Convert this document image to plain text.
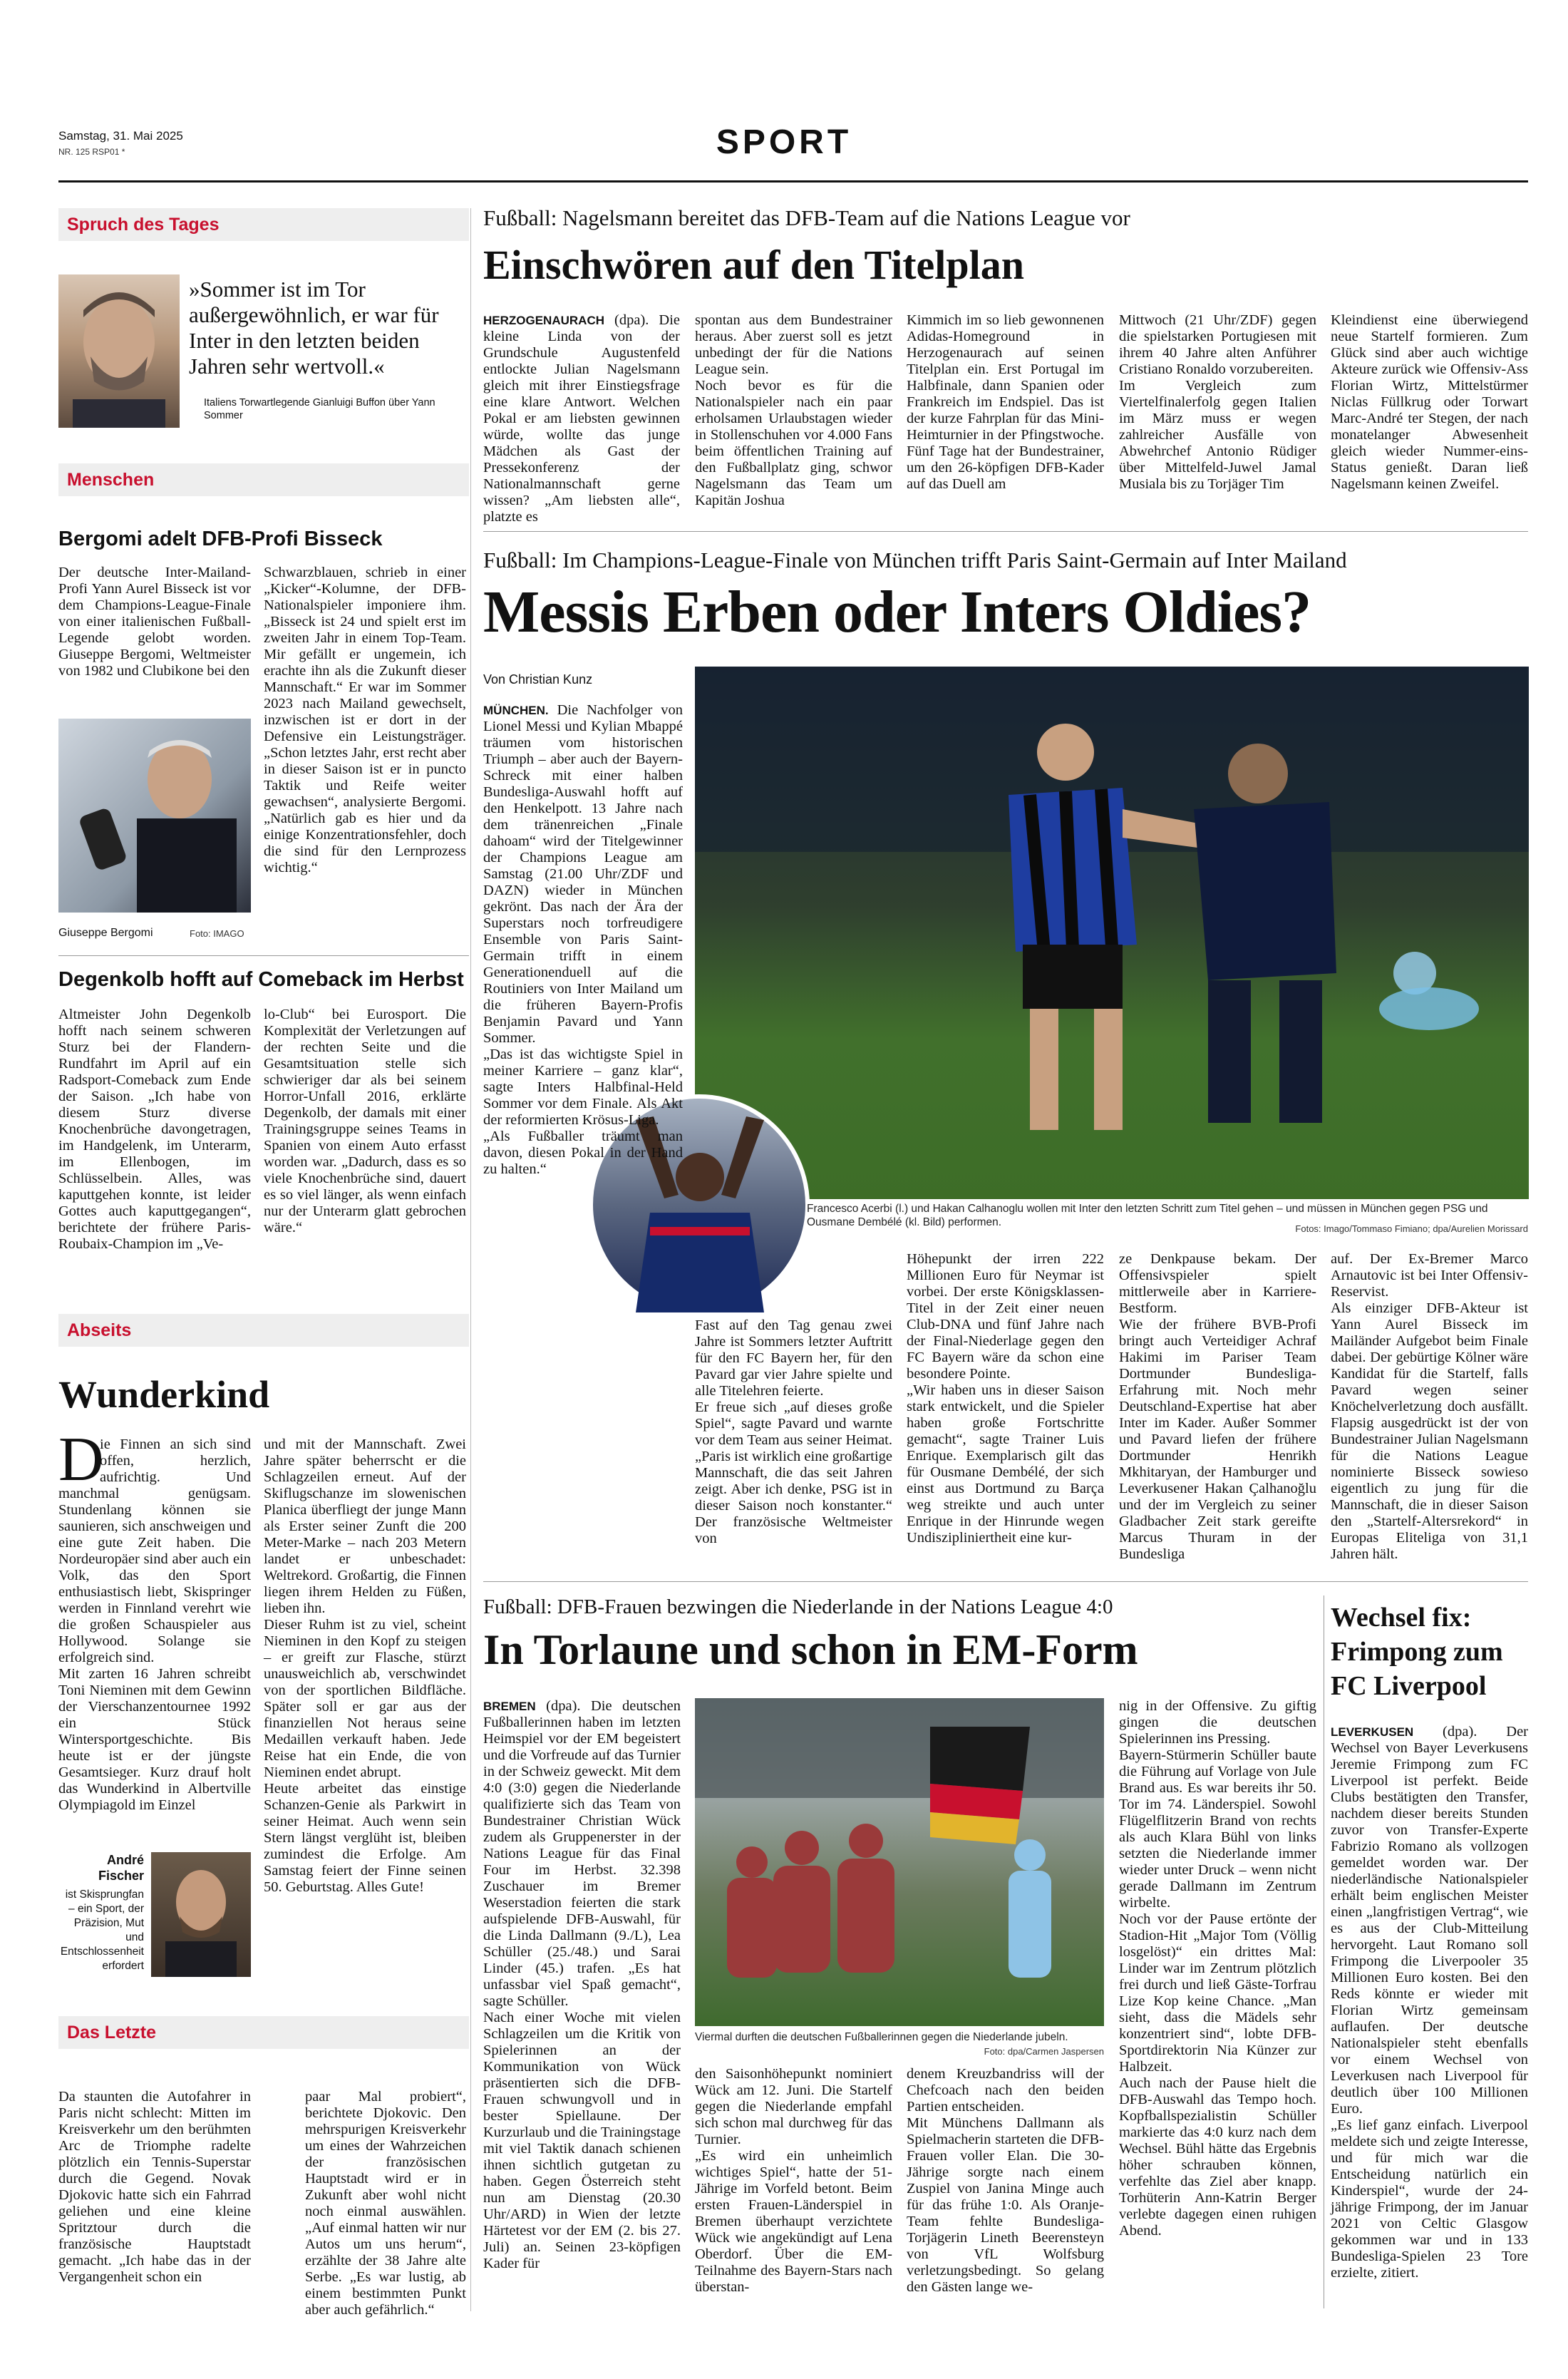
Samstag, 31. Mai 2025
NR. 125 RSP01 *	SPORT
Spruch des Tages
»Sommer ist im Tor außergewöhnlich, er war für Inter in den letzten beiden Jahren sehr wertvoll.«
Italiens Torwartlegende Gianluigi Buffon über Yann Sommer
Menschen
Bergomi adelt DFB-Profi Bisseck
Der deutsche Inter-Mailand-Profi Yann Aurel Bisseck ist vor dem Champions-League-Finale von einer italienischen Fußball-Legende gelobt worden. Giuseppe Bergomi, Weltmeister von 1982 und Clubikone bei den
Schwarzblauen, schrieb in einer „Kicker“-Kolumne, der DFB-Nationalspieler imponiere ihm. „Bisseck ist 24 und spielt erst im zweiten Jahr in einem Top-Team. Mir gefällt er ungemein, ich erachte ihn als die Zukunft dieser Mannschaft.“ Er war im Sommer 2023 nach Mailand gewechselt, inzwischen ist er dort in der Defensive ein Leistungsträger. „Schon letztes Jahr, erst recht aber in dieser Saison ist er in puncto Taktik und Reife weiter gewachsen“, analysierte Bergomi. „Natürlich gab es hier und da einige Konzentrationsfehler, doch die sind für den Lernprozess wichtig.“
Giuseppe Bergomi	Foto: IMAGO
Degenkolb hofft auf Comeback im Herbst
Altmeister John Degenkolb hofft nach seinem schweren Sturz bei der Flandern-Rundfahrt im April auf ein Radsport-Comeback zum Ende der Saison. „Ich habe von diesem Sturz diverse Knochenbrüche davongetragen, im Handgelenk, im Unterarm, im Ellenbogen, im Schlüsselbein. Alles, was kaputtgehen konnte, ist leider Gottes auch kaputtgegangen“, berichtete der frühere Paris-Roubaix-Champion im „Ve-
lo-Club“ bei Eurosport. Die Komplexität der Verletzungen auf der rechten Seite und die Gesamtsituation stelle sich schwieriger dar als bei seinem Horror-Unfall 2016, erklärte Degenkolb, der damals mit einer Trainingsgruppe seines Teams in Spanien von einem Auto erfasst worden war. „Dadurch, dass es so viele Knochenbrüche sind, dauert es so viel länger, als wenn einfach nur der Unterarm glatt gebrochen wäre.“
Abseits
Wunderkind
D
ie Finnen an sich sind offen, herzlich, aufrichtig. Und manchmal genügsam. Stundenlang können sie saunieren, sich anschweigen und eine gute Zeit haben. Die Nordeuropäer sind aber auch ein Volk, das den Sport enthusiastisch liebt, Skispringer werden in Finnland verehrt wie die großen Schauspieler aus Hollywood. Solange sie erfolgreich sind.
Mit zarten 16 Jahren schreibt Toni Nieminen mit dem Gewinn der Vierschanzentournee 1992 ein Stück Wintersportgeschichte. Bis heute ist er der jüngste Gesamtsieger. Kurz drauf holt das Wunderkind in Albertville Olympiagold im Einzel
und mit der Mannschaft. Zwei Jahre später beherrscht er die Schlagzeilen erneut. Auf der Skiflugschanze im slowenischen Planica überfliegt der junge Mann als Erster seiner Zunft die 200 Meter-Marke – nach 203 Metern landet er unbeschadet: Weltrekord. Großartig, die Finnen liegen ihrem Helden zu Füßen, lieben ihn.
Dieser Ruhm ist zu viel, scheint Nieminen in den Kopf zu steigen – er greift zur Flasche, stürzt unausweichlich ab, verschwindet von der sportlichen Bildfläche. Später soll er gar aus der finanziellen Not heraus seine Medaillen verkauft haben. Jede Reise hat ein Ende, die von Nieminen endet abrupt.
Heute arbeitet das einstige Schanzen-Genie als Parkwirt in seiner Heimat. Auch wenn sein Stern längst verglüht ist, bleiben zumindest die Erfolge. Am Samstag feiert der Finne seinen 50. Geburtstag. Alles Gute!
André Fischer
ist Skisprungfan – ein Sport, der Präzision, Mut und Entschlossenheit erfordert
Das Letzte
Da staunten die Autofahrer in Paris nicht schlecht: Mitten im Kreisverkehr um den berühmten Arc de Triomphe radelte plötzlich ein Tennis-Superstar durch die Gegend. Novak Djokovic hatte sich ein Fahrrad geliehen und eine kleine Spritztour durch die französische Hauptstadt gemacht. „Ich habe das in der Vergangenheit schon ein
paar Mal probiert“, berichtete Djokovic. Den mehrspurigen Kreisverkehr um eines der Wahrzeichen der französischen Hauptstadt wird er in Zukunft aber wohl nicht noch einmal auswählen. „Auf einmal hatten wir nur Autos um uns herum“, erzählte der 38 Jahre alte Serbe. „Es war lustig, ab einem bestimmten Punkt aber auch gefährlich.“
Fußball: Nagelsmann bereitet das DFB-Team auf die Nations League vor
Einschwören auf den Titelplan
HERZOGENAURACH (dpa). Die kleine Linda von der Grundschule Augustenfeld entlockte Julian Nagelsmann gleich mit ihrer Einstiegsfrage eine klare Antwort. Welchen Pokal er am liebsten gewinnen würde, wollte das junge Mädchen als Gast der Pressekonferenz der Nationalmannschaft gerne wissen? „Am liebsten alle“, platzte es
spontan aus dem Bundestrainer heraus. Aber zuerst soll es jetzt unbedingt der für die Nations League sein.
Noch bevor es für die Nationalspieler nach ein paar erholsamen Urlaubstagen wieder in Stollenschuhen vor 4.000 Fans beim öffentlichen Training auf den Fußballplatz ging, schwor Nagelsmann das Team um Kapitän Joshua
Kimmich im so lieb gewonnenen Adidas-Homeground in Herzogenaurach auf seinen Titelplan ein. Erst Portugal im Halbfinale, dann Spanien oder Frankreich im Endspiel. Das ist der kurze Fahrplan für das Mini-Heimturnier in der Pfingstwoche. Fünf Tage hat der Bundestrainer, um den 26-köpfigen DFB-Kader auf das Duell am
Mittwoch (21 Uhr/ZDF) gegen die spielstarken Portugiesen mit ihrem 40 Jahre alten Anführer Cristiano Ronaldo vorzubereiten.
Im Vergleich zum Viertelfinalerfolg gegen Italien im März muss er wegen zahlreicher Ausfälle von Abwehrchef Antonio Rüdiger über Mittelfeld-Juwel Jamal Musiala bis zu Torjäger Tim
Kleindienst eine überwiegend neue Startelf formieren. Zum Glück sind aber auch wichtige Akteure zurück wie Offensiv-Ass Florian Wirtz, Mittelstürmer Niclas Füllkrug oder Torwart Marc-André ter Stegen, der nach monatelanger Abwesenheit gleich wieder Nummer-eins-Status genießt. Daran ließ Nagelsmann keinen Zweifel.
Fußball: Im Champions-League-Finale von München trifft Paris Saint-Germain auf Inter Mailand
Messis Erben oder Inters Oldies?
Von Christian Kunz
MÜNCHEN. Die Nachfolger von Lionel Messi und Kylian Mbappé träumen vom historischen Triumph – aber auch der Bayern-Schreck mit einer halben Bundesliga-Auswahl hofft auf den Henkelpott. 13 Jahre nach dem tränenreichen „Finale dahoam“ wird der Titelgewinner der Champions League am Samstag (21.00 Uhr/ZDF und DAZN) wieder in München gekrönt. Das nach der Ära der Superstars noch torfreudigere Ensemble von Paris Saint-Germain trifft in einem Generationenduell auf die Routiniers von Inter Mailand um die früheren Bayern-Profis Benjamin Pavard und Yann Sommer.
„Das ist das wichtigste Spiel in meiner Karriere – ganz klar“, sagte Inters Halbfinal-Held Sommer vor dem Finale. Als Akt der reformierten Krösus-Liga.
„Als Fußballer träumt man davon, diesen Pokal in der Hand zu halten.“
Fast auf den Tag genau zwei Jahre ist Sommers letzter Auftritt für den FC Bayern her, für den Pavard gar vier Jahre spielte und alle Titelehren feierte.
Er freue sich „auf dieses große Spiel“, sagte Pavard und warnte vor dem Team aus seiner Heimat. „Paris ist wirklich eine großartige Mannschaft, die das seit Jahren zeigt. Aber ich denke, PSG ist in dieser Saison noch konstanter.“ Der französische Weltmeister von
Höhepunkt der irren 222 Millionen Euro für Neymar ist vorbei. Der erste Königsklassen-Titel in der Zeit einer neuen Club-DNA und fünf Jahre nach der Final-Niederlage gegen den FC Bayern wäre da schon eine besondere Pointe.
„Wir haben uns in dieser Saison stark entwickelt, und die Spieler haben große Fortschritte gemacht“, sagte Trainer Luis Enrique. Exemplarisch gilt das für Ousmane Dembélé, der sich einst aus Dortmund zu Barça weg streikte und auch unter Enrique in der Hinrunde wegen Undiszipliniertheit eine kur-
ze Denkpause bekam. Der Offensivspieler spielt mittlerweile aber in Karriere-Bestform.
Wie der frühere BVB-Profi bringt auch Verteidiger Achraf Hakimi im Pariser Team Dortmunder Bundesliga-Erfahrung mit. Noch mehr Deutschland-Expertise hat aber Inter im Kader. Außer Sommer und Pavard liefen der frühere Dortmunder Henrikh Mkhitaryan, der Hamburger und Leverkusener Hakan Çalhanoğlu und der im Vergleich zu seiner Gladbacher Zeit stark gereifte Marcus Thuram in der Bundesliga
auf. Der Ex-Bremer Marco Arnautovic ist bei Inter Offensiv-Reservist.
Als einziger DFB-Akteur ist Yann Aurel Bisseck im Mailänder Aufgebot beim Finale dabei. Der gebürtige Kölner wäre Kandidat für die Startelf, falls Pavard wegen seiner Knöchelverletzung doch ausfällt. Flapsig ausgedrückt ist der von Bundestrainer Julian Nagelsmann für die Nations League nominierte Bisseck sowieso eigentlich zu jung für die Mannschaft, die in dieser Saison den „Startelf-Altersrekord“ in Europas Eliteliga von 31,1 Jahren hält.
Francesco Acerbi (l.) und Hakan Calhanoglu wollen mit Inter den letzten Schritt zum Titel gehen – und müssen in München gegen PSG und Ousmane Dembélé (kl. Bild) performen.
Fotos: Imago/Tommaso Fimiano; dpa/Aurelien Morissard
Fußball: DFB-Frauen bezwingen die Niederlande in der Nations League 4:0
In Torlaune und schon in EM-Form
BREMEN (dpa). Die deutschen Fußballerinnen haben im letzten Heimspiel vor der EM begeistert und die Vorfreude auf das Turnier in der Schweiz geweckt. Mit dem 4:0 (3:0) gegen die Niederlande qualifizierte sich das Team von Bundestrainer Christian Wück zudem als Gruppenerster in der Nations League für das Final Four im Herbst. 32.398 Zuschauer im Bremer Weserstadion feierten die stark aufspielende DFB-Auswahl, für die Linda Dallmann (9./L), Lea Schüller (25./48.) und Sarai Linder (45.) trafen. „Es hat unfassbar viel Spaß gemacht“, sagte Schüller.
Nach einer Woche mit vielen Schlagzeilen um die Kritik von Spielerinnen an der Kommunikation von Wück präsentierten sich die DFB-Frauen schwungvoll und in bester Spiellaune. Der Kurzurlaub und die Trainingstage mit viel Taktik danach schienen ihnen sichtlich gutgetan zu haben. Gegen Österreich steht nun am Dienstag (20.30 Uhr/ARD) in Wien der letzte Härtetest vor der EM (2. bis 27. Juli) an. Seinen 23-köpfigen Kader für
Viermal durften die deutschen Fußballerinnen gegen die Niederlande jubeln.
Foto: dpa/Carmen Jaspersen
den Saisonhöhepunkt nominiert Wück am 12. Juni. Die Startelf gegen die Niederlande empfahl sich schon mal durchweg für das Turnier.
„Es wird ein unheimlich wichtiges Spiel“, hatte der 51-Jährige im Vorfeld betont. Beim ersten Frauen-Länderspiel in Bremen überhaupt verzichtete Wück wie angekündigt auf Lena Oberdorf. Über die EM-Teilnahme des Bayern-Stars nach überstan-
denem Kreuzbandriss will der Chefcoach nach den beiden Partien entscheiden.
Mit Münchens Dallmann als Spielmacherin starteten die DFB-Frauen voller Elan. Die 30-Jährige sorgte nach einem Zuspiel von Janina Minge auch für das frühe 1:0. Als Oranje-Team fehlte Bundesliga-Torjägerin Lineth Beerensteyn von VfL Wolfsburg verletzungsbedingt. So gelang den Gästen lange we-
nig in der Offensive. Zu giftig gingen die deutschen Spielerinnen ins Pressing.
Bayern-Stürmerin Schüller baute die Führung auf Vorlage von Jule Brand aus. Es war bereits ihr 50. Tor im 74. Länderspiel. Sowohl Flügelflitzerin Brand von rechts als auch Klara Bühl von links setzten die Niederlande immer wieder unter Druck – wenn nicht gerade Dallmann im Zentrum wirbelte.
Noch vor der Pause ertönte der Stadion-Hit „Major Tom (Völlig losgelöst)“ ein drittes Mal: Linder war im Zentrum plötzlich frei durch und ließ Gäste-Torfrau Lize Kop keine Chance. „Man sieht, dass die Mädels sehr konzentriert sind“, lobte DFB-Sportdirektorin Nia Künzer zur Halbzeit.
Auch nach der Pause hielt die DFB-Auswahl das Tempo hoch. Kopfballspezialistin Schüller markierte das 4:0 kurz nach dem Wechsel. Bühl hätte das Ergebnis höher schrauben können, verfehlte das Ziel aber knapp. Torhüterin Ann-Katrin Berger verlebte dagegen einen ruhigen Abend.
Wechsel fix: Frimpong zum FC Liverpool
LEVERKUSEN (dpa). Der Wechsel von Bayer Leverkusens Jeremie Frimpong zum FC Liverpool ist perfekt. Beide Clubs bestätigten den Transfer, nachdem dieser bereits Stunden zuvor von Transfer-Experte Fabrizio Romano als vollzogen gemeldet worden war. Der niederländische Nationalspieler erhält beim englischen Meister einen „langfristigen Vertrag“, wie es aus der Club-Mitteilung hervorgeht. Laut Romano soll Frimpong die Liverpooler 35 Millionen Euro kosten. Bei den Reds könnte er wieder mit Florian Wirtz gemeinsam auflaufen. Der deutsche Nationalspieler steht ebenfalls vor einem Wechsel von Leverkusen nach Liverpool für deutlich über 100 Millionen Euro.
„Es lief ganz einfach. Liverpool meldete sich und zeigte Interesse, und für mich war die Entscheidung natürlich ein Kinderspiel“, wurde der 24-jährige Frimpong, der im Januar 2021 von Celtic Glasgow gekommen war und in 133 Bundesliga-Spielen 23 Tore erzielte, zitiert.
